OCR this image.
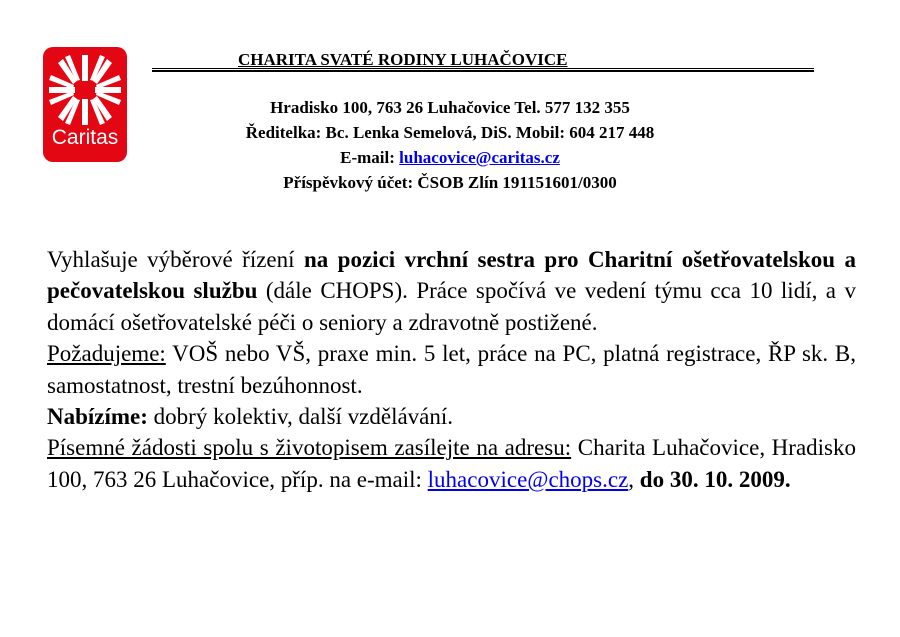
Caritas
CHARITA SVATÉ RODINY LUHAČOVICE
Hradisko 100, 763 26 Luhačovice Tel. 577 132 355
Ředitelka: Bc. Lenka Semelová, DiS. Mobil: 604 217 448
E-mail: luhacovice@caritas.cz
Příspěvkový účet: ČSOB Zlín 191151601/0300

Vyhlašuje výběrové řízení na pozici vrchní sestra pro Charitní ošetřovatelskou a pečovatelskou službu (dále CHOPS). Práce spočívá ve vedení týmu cca 10 lidí, a v domácí ošetřovatelské péči o seniory a zdravotně postižené.

Požadujeme: VOŠ nebo VŠ, praxe min. 5 let, práce na PC, platná registrace, ŘP sk. B, samostatnost, trestní bezúhonnost.

Nabízíme: dobrý kolektiv, další vzdělávání.

Písemné žádosti spolu s životopisem zasílejte na adresu: Charita Luhačovice, Hradisko 100, 763 26 Luhačovice, příp. na e-mail: luhacovice@chops.cz, do 30. 10. 2009.
